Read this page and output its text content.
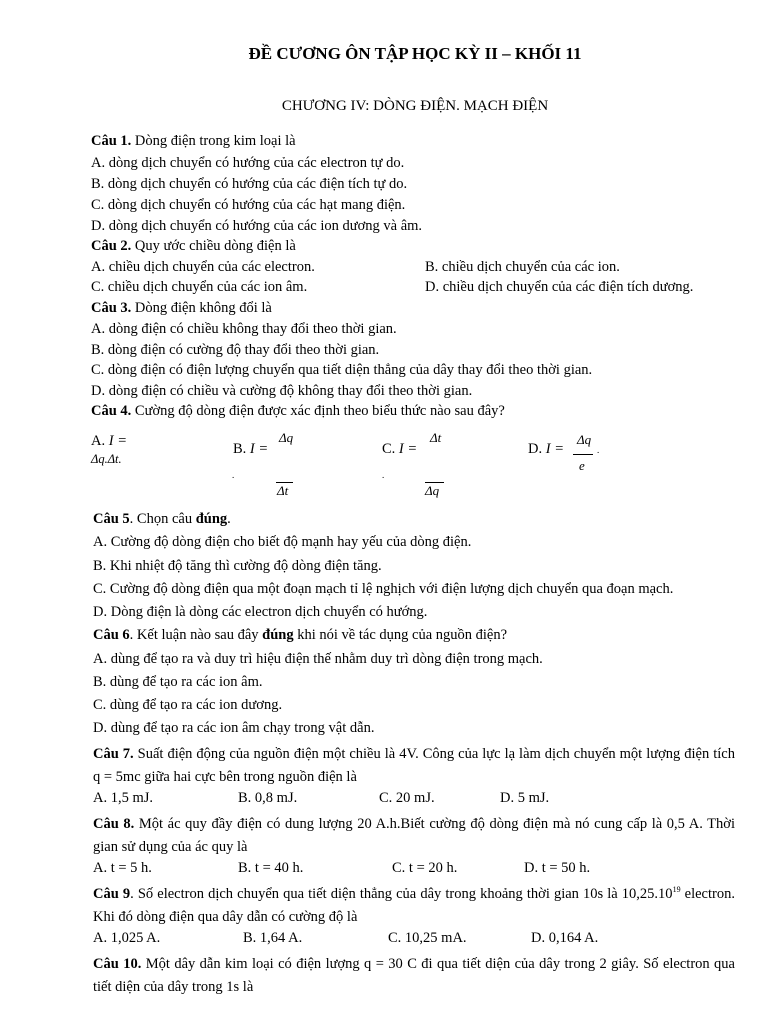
ĐỀ CƯƠNG ÔN TẬP HỌC KỲ II – KHỐI 11
CHƯƠNG IV: DÒNG ĐIỆN. MẠCH ĐIỆN
Câu 1. Dòng điện trong kim loại là
A. dòng dịch chuyển có hướng của các electron tự do.
B. dòng dịch chuyển có hướng của các điện tích tự do.
C. dòng dịch chuyển có hướng của các hạt mang điện.
D. dòng dịch chuyển có hướng của các ion dương và âm.
Câu 2. Quy ước chiều dòng điện là
A. chiều dịch chuyển của các electron.	B. chiều dịch chuyển của các ion.
C. chiều dịch chuyển của các ion âm.	D. chiều dịch chuyển của các điện tích dương.
Câu 3. Dòng điện không đổi là
A. dòng điện có chiều không thay đổi theo thời gian.
B. dòng điện có cường độ thay đổi theo thời gian.
C. dòng điện có điện lượng chuyển qua tiết diện thẳng của dây thay đổi theo thời gian.
D. dòng điện có chiều và cường độ không thay đổi theo thời gian.
Câu 4. Cường độ dòng điện được xác định theo biểu thức nào sau đây?
A. I =
Δq.Δt.
B. I =
Δq
.
Δt
C. I =
Δt
.
Δq
D. I =
Δq
e
.
Câu 5. Chọn câu đúng.
A. Cường độ dòng điện cho biết độ mạnh hay yếu của dòng điện.
B. Khi nhiệt độ tăng thì cường độ dòng điện tăng.
C. Cường độ dòng điện qua một đoạn mạch tỉ lệ nghịch với điện lượng dịch chuyển qua đoạn mạch.
D. Dòng điện là dòng các electron dịch chuyển có hướng.
Câu 6. Kết luận nào sau đây đúng khi nói về tác dụng của nguồn điện?
A. dùng để tạo ra và duy trì hiệu điện thế nhằm duy trì dòng điện trong mạch.
B. dùng để tạo ra các ion âm.
C. dùng để tạo ra các ion dương.
D. dùng để tạo ra các ion âm chạy trong vật dẫn.
Câu 7. Suất điện động của nguồn điện một chiều là 4V. Công của lực lạ làm dịch chuyển một lượng điện tích q = 5mc giữa hai cực bên trong nguồn điện là
A. 1,5 mJ.	B. 0,8 mJ.	C. 20 mJ.	D. 5 mJ.
Câu 8. Một ác quy đầy điện có dung lượng 20 A.h.Biết cường độ dòng điện mà nó cung cấp là 0,5 A. Thời gian sử dụng của ác quy là
A. t = 5 h.	B. t = 40 h.	C. t = 20 h.	D. t = 50 h.
Câu 9. Số electron dịch chuyển qua tiết diện thẳng của dây trong khoảng thời gian 10s là 10,25.10$^{19}$ electron. Khi đó dòng điện qua dây dẫn có cường độ là
A. 1,025 A.	B. 1,64 A.	C. 10,25 mA.	D. 0,164 A.
Câu 10. Một dây dẫn kim loại có điện lượng q = 30 C đi qua tiết diện của dây trong 2 giây. Số electron qua tiết diện của dây trong 1s là
